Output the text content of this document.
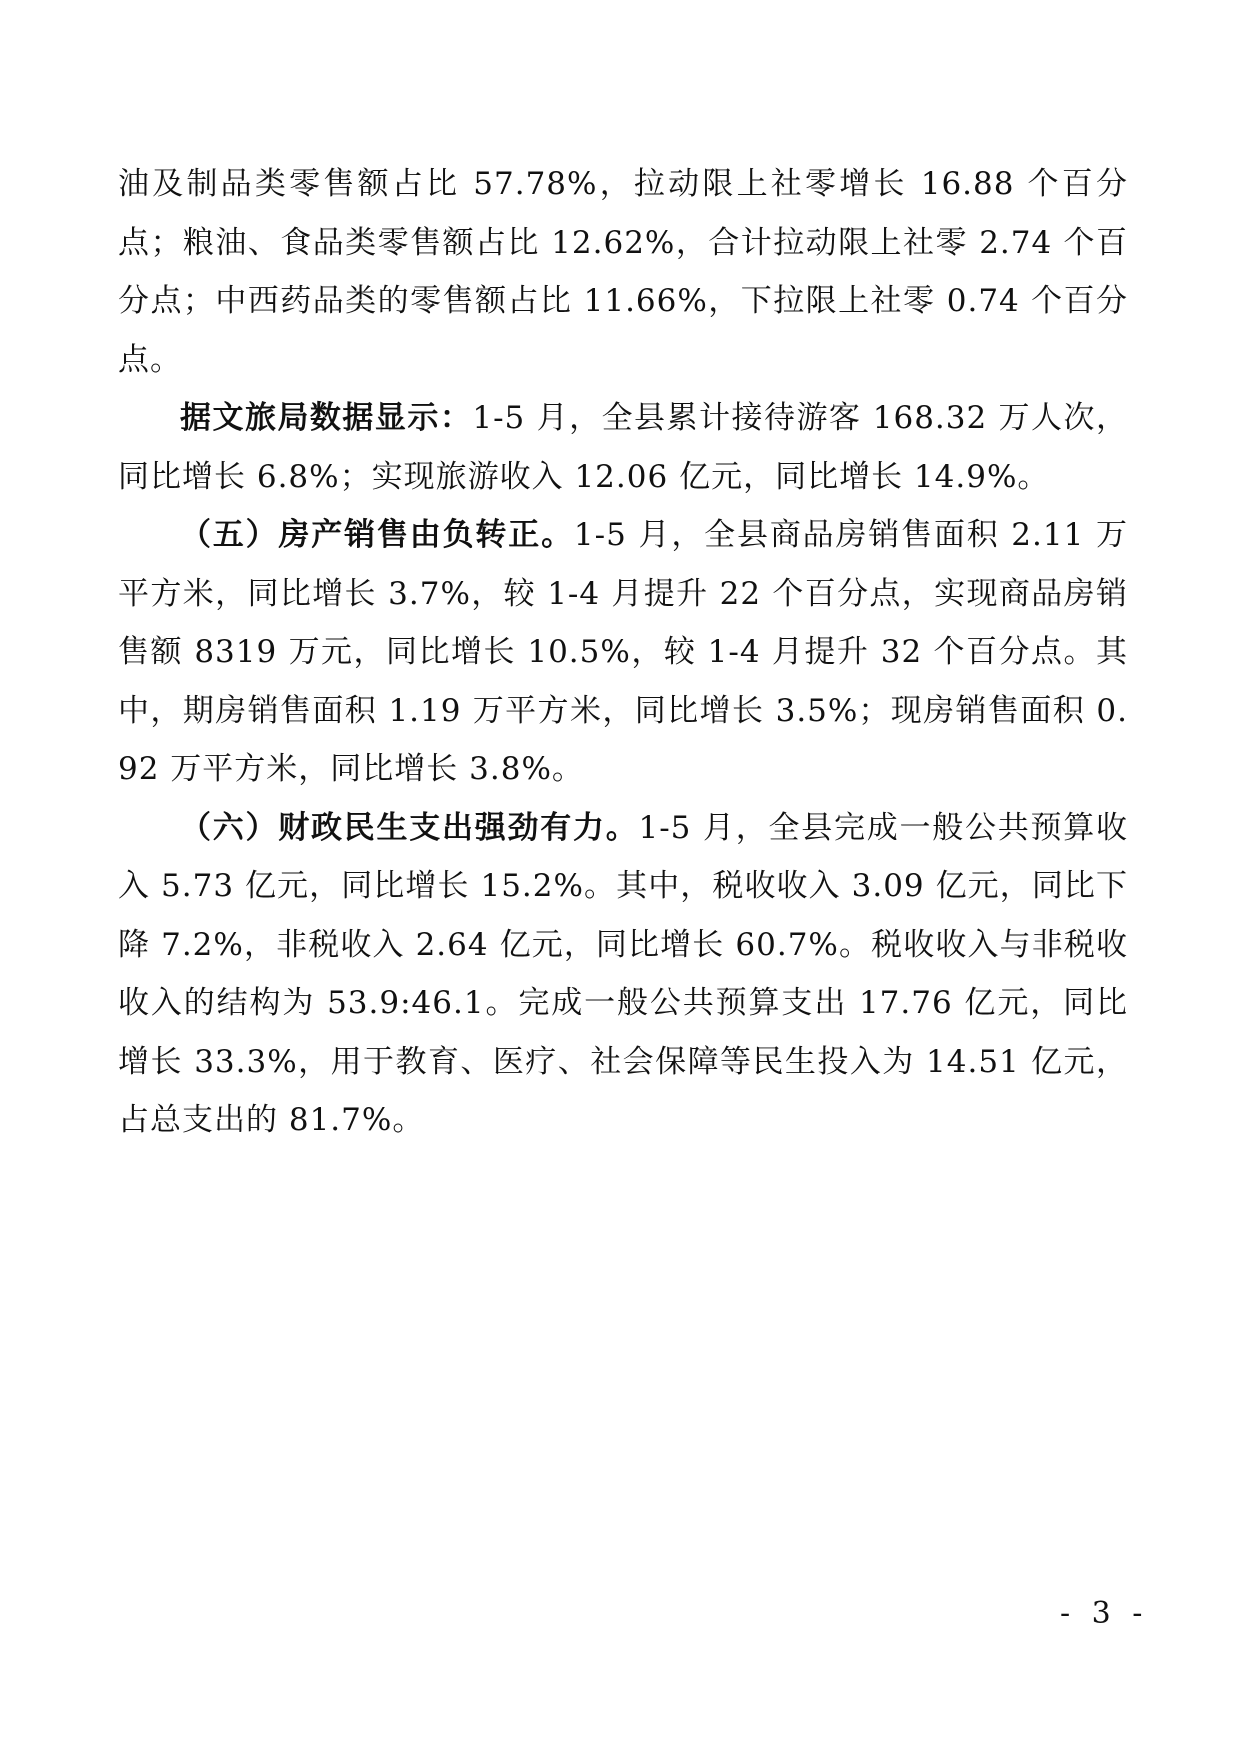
油及制品类零售额占比 57.78%，拉动限上社零增长 16.88 个百分点；粮油、食品类零售额占比 12.62%，合计拉动限上社零 2.74 个百分点；中西药品类的零售额占比 11.66%，下拉限上社零 0.74 个百分点。

据文旅局数据显示：1-5 月，全县累计接待游客 168.32 万人次，同比增长 6.8%；实现旅游收入 12.06 亿元，同比增长 14.9%。

（五）房产销售由负转正。1-5 月，全县商品房销售面积 2.11 万平方米，同比增长 3.7%，较 1-4 月提升 22 个百分点，实现商品房销售额 8319 万元，同比增长 10.5%，较 1-4 月提升 32 个百分点。其中，期房销售面积 1.19 万平方米，同比增长 3.5%；现房销售面积 0.92 万平方米，同比增长 3.8%。

（六）财政民生支出强劲有力。1-5 月，全县完成一般公共预算收入 5.73 亿元，同比增长 15.2%。其中，税收收入 3.09 亿元，同比下降 7.2%，非税收入 2.64 亿元，同比增长 60.7%。税收收入与非税收收入的结构为 53.9:46.1。完成一般公共预算支出 17.76 亿元，同比增长 33.3%，用于教育、医疗、社会保障等民生投入为 14.51 亿元，占总支出的 81.7%。

- 3 -
